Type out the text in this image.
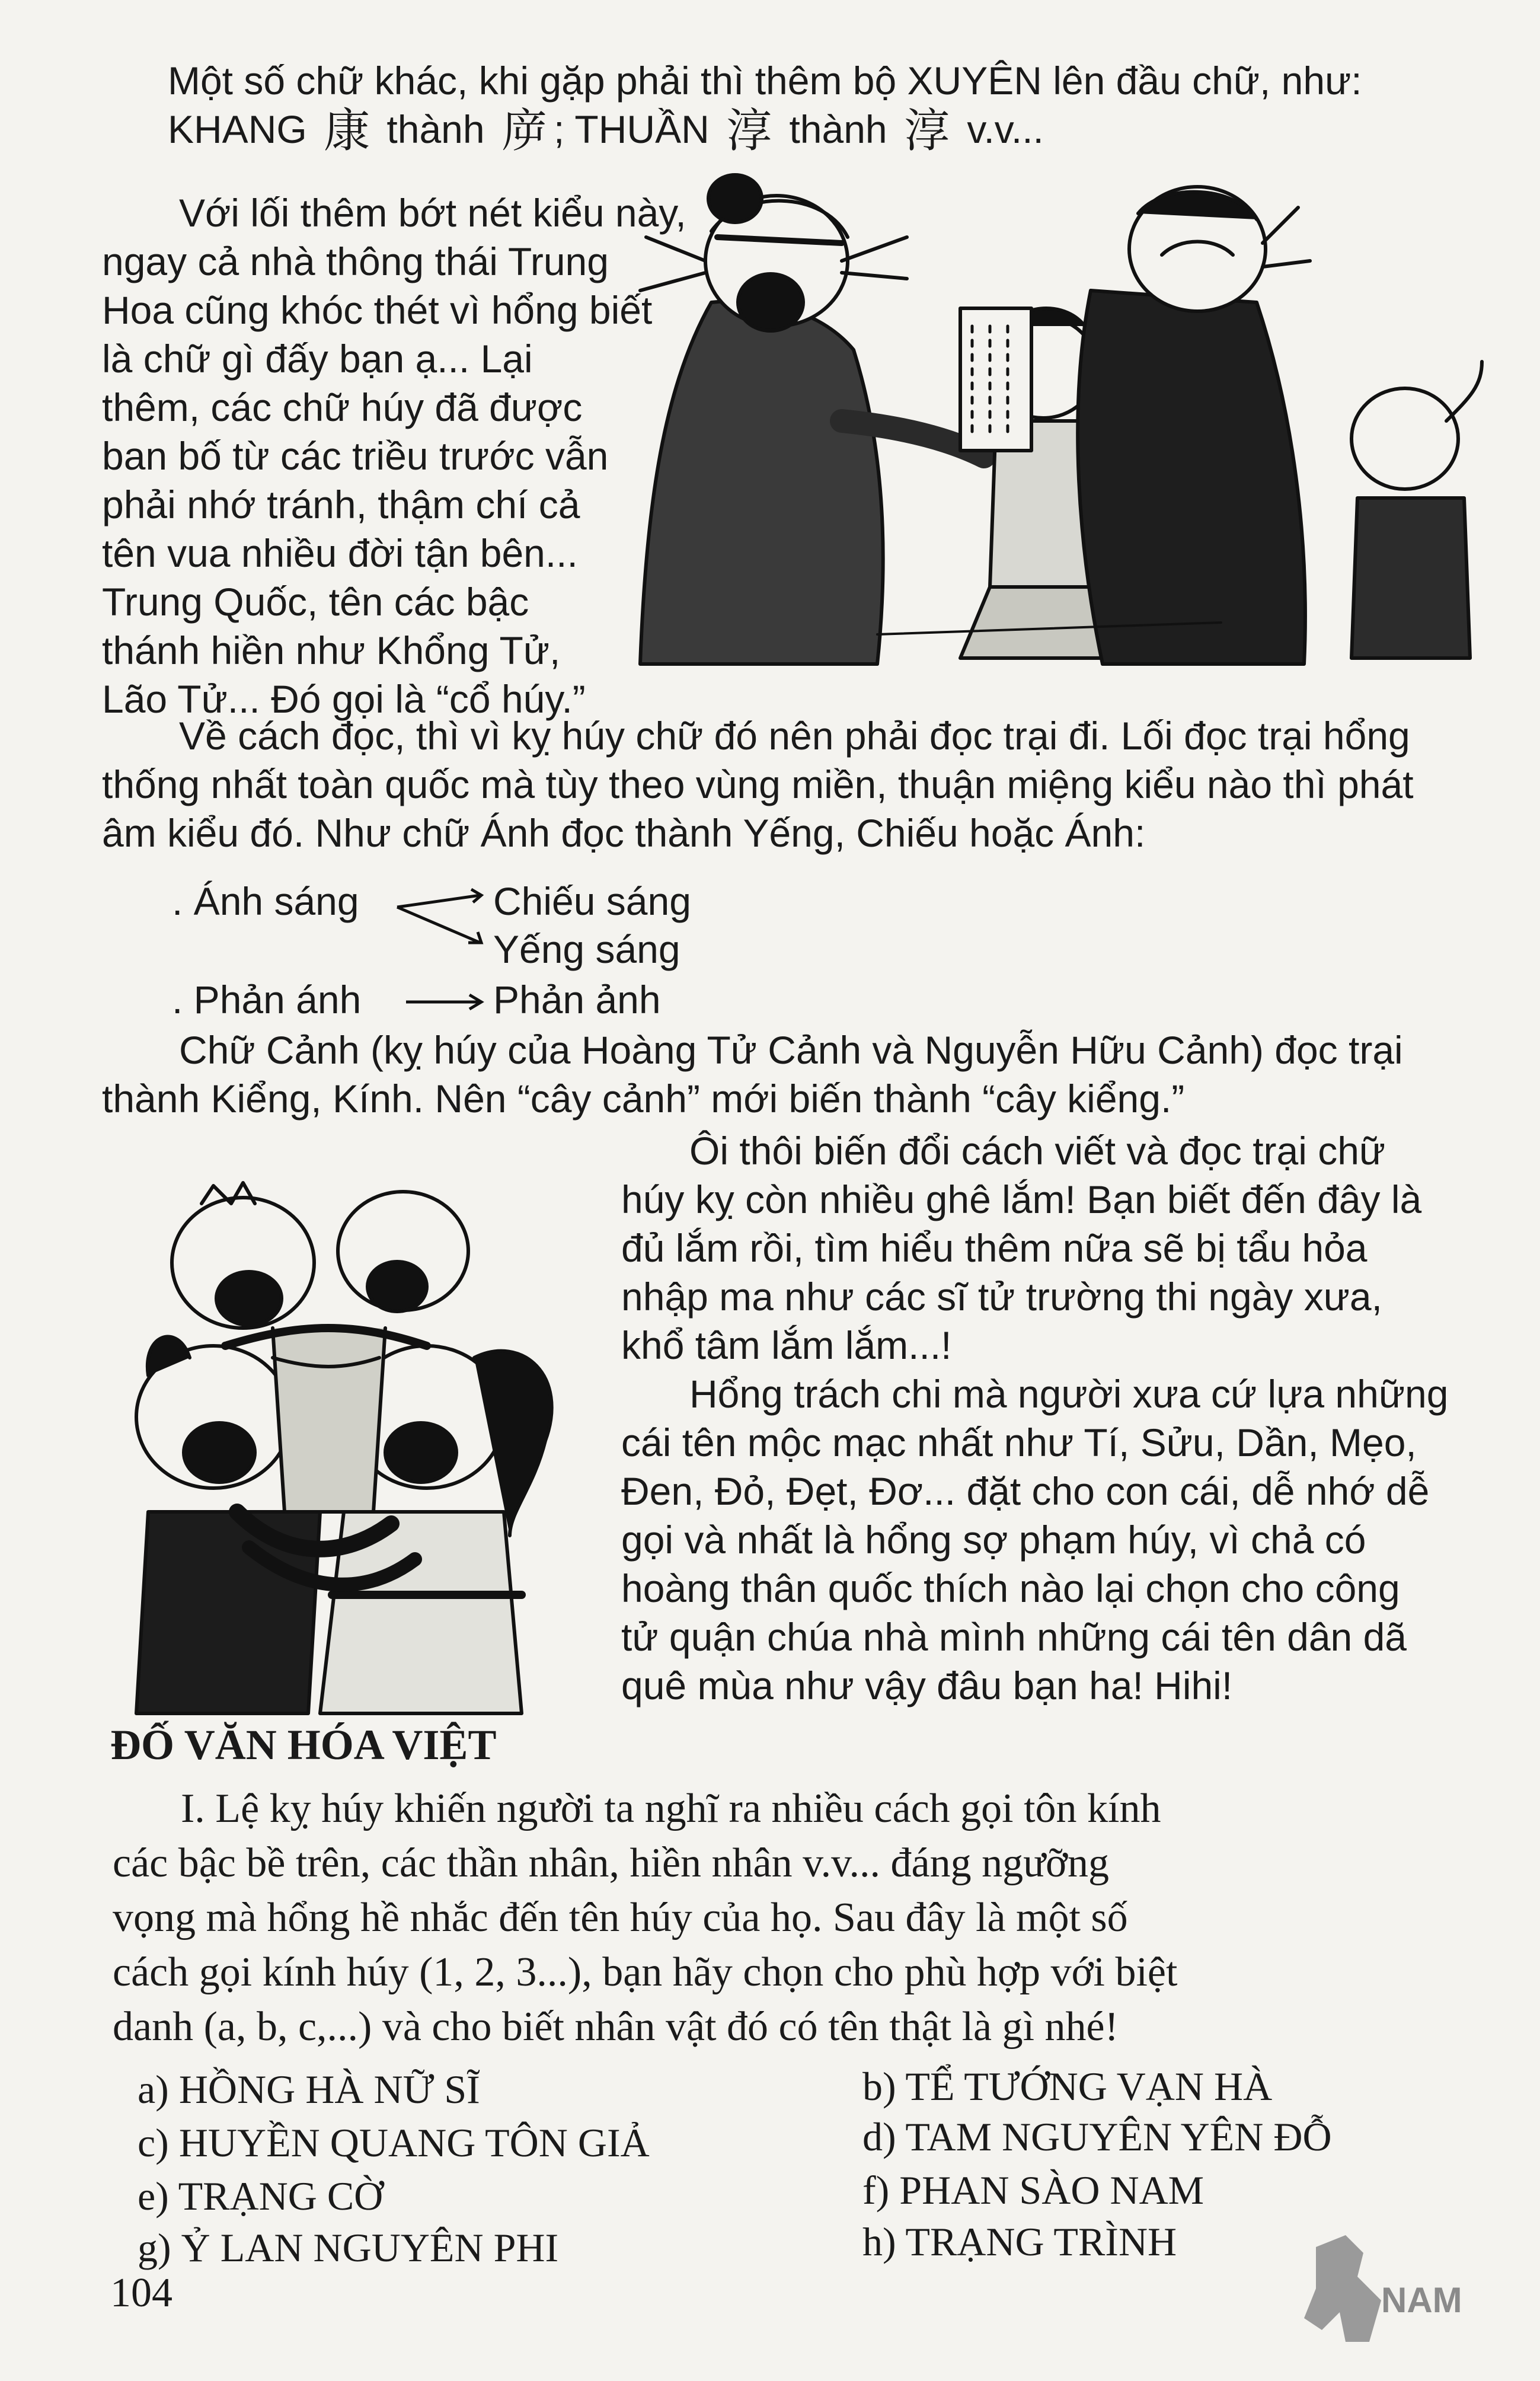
Một số chữ khác, khi gặp phải thì thêm bộ XUYÊN lên đầu chữ, như:
KHANG 康 thành 㡿 ; THUẦN 淳 thành 淳 v.v...
Với lối thêm bớt nét kiểu này,
ngay cả nhà thông thái Trung
Hoa cũng khóc thét vì hổng biết
là chữ gì đấy bạn ạ... Lại
thêm, các chữ húy đã được
ban bố từ các triều trước vẫn
phải nhớ tránh, thậm chí cả
tên vua nhiều đời tận bên...
Trung Quốc, tên các bậc
thánh hiền như Khổng Tử,
Lão Tử... Đó gọi là “cổ húy.”
Về cách đọc, thì vì kỵ húy chữ đó nên phải đọc trại đi. Lối đọc trại hổng
thống nhất toàn quốc mà tùy theo vùng miền, thuận miệng kiểu nào thì phát
âm kiểu đó. Như chữ Ánh đọc thành Yếng, Chiếu hoặc Ánh:
. Ánh sáng	Chiếu sáng
Yếng sáng
. Phản ánh	Phản ảnh
Chữ Cảnh (kỵ húy của Hoàng Tử Cảnh và Nguyễn Hữu Cảnh) đọc trại
thành Kiểng, Kính. Nên “cây cảnh” mới biến thành “cây kiểng.”
Ôi thôi biến đổi cách viết và đọc trại chữ
húy kỵ còn nhiều ghê lắm! Bạn biết đến đây là
đủ lắm rồi, tìm hiểu thêm nữa sẽ bị tẩu hỏa
nhập ma như các sĩ tử trường thi ngày xưa,
khổ tâm lắm lắm...!
Hổng trách chi mà người xưa cứ lựa những
cái tên mộc mạc nhất như Tí, Sửu, Dần, Mẹo,
Đen, Đỏ, Đẹt, Đơ... đặt cho con cái, dễ nhớ dễ
gọi và nhất là hổng sợ phạm húy, vì chả có
hoàng thân quốc thích nào lại chọn cho công
tử quận chúa nhà mình những cái tên dân dã
quê mùa như vậy đâu bạn ha! Hihi!
ĐỐ VĂN HÓA VIỆT
I. Lệ kỵ húy khiến người ta nghĩ ra nhiều cách gọi tôn kính
các bậc bề trên, các thần nhân, hiền nhân v.v... đáng ngưỡng
vọng mà hổng hề nhắc đến tên húy của họ. Sau đây là một số
cách gọi kính húy (1, 2, 3...), bạn hãy chọn cho phù hợp với biệt
danh (a, b, c,...) và cho biết nhân vật đó có tên thật là gì nhé!
a) HỒNG HÀ NỮ SĨ	b) TỂ TƯỚNG VẠN HÀ
c) HUYỀN QUANG TÔN GIẢ	d) TAM NGUYÊN YÊN ĐỖ
e) TRẠNG CỜ	f) PHAN SÀO NAM
g) Ỷ LAN NGUYÊN PHI	h) TRẠNG TRÌNH
104	NAM
